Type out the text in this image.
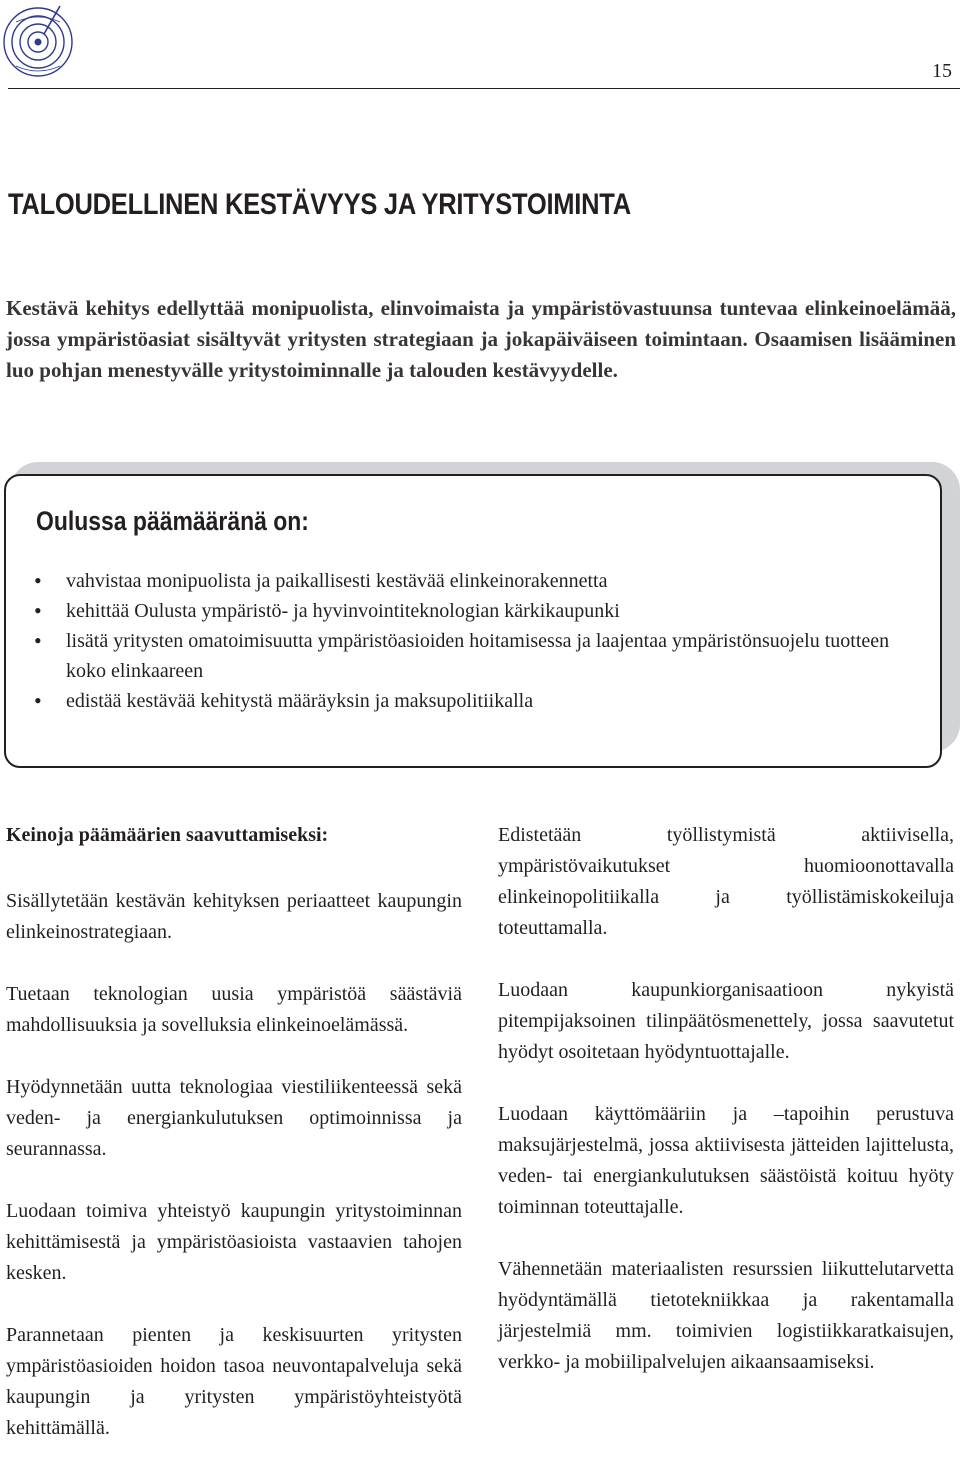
15
TALOUDELLINEN KESTÄVYYS JA YRITYSTOIMINTA

Kestävä kehitys edellyttää monipuolista, elinvoimaista ja ympäristövastuunsa tuntevaa elinkeinoelämää, jossa ympäristöasiat sisältyvät yritysten strategiaan ja jokapäiväiseen toimintaan. Osaamisen lisääminen luo pohjan menestyvälle yritystoiminnalle ja talouden kestävyydelle.

Oulussa päämääränä on:
•	vahvistaa monipuolista ja paikallisesti kestävää elinkeinorakennetta
•	kehittää Oulusta ympäristö- ja hyvinvointiteknologian kärkikaupunki
•	lisätä yritysten omatoimisuutta ympäristöasioiden hoitamisessa ja laajentaa ympäristönsuojelu tuotteen koko elinkaareen
•	edistää kestävää kehitystä määräyksin ja maksupolitiikalla

Keinoja päämäärien saavuttamiseksi:

Sisällytetään kestävän kehityksen periaatteet kaupungin elinkeinostrategiaan.

Tuetaan teknologian uusia ympäristöä säästäviä mahdollisuuksia ja sovelluksia elinkeinoelämässä.

Hyödynnetään uutta teknologiaa viestiliikenteessä sekä veden- ja energiankulutuksen optimoinnissa ja seurannassa.

Luodaan toimiva yhteistyö kaupungin yritystoiminnan kehittämisestä ja ympäristöasioista vastaavien tahojen kesken.

Parannetaan pienten ja keskisuurten yritysten ympäristöasioiden hoidon tasoa neuvontapalveluja sekä kaupungin ja yritysten ympäristöyhteistyötä kehittämällä.

Edistetään työllistymistä aktiivisella, ympäristövaikutukset huomioonottavalla elinkeinopolitiikalla ja työllistämiskokeiluja toteuttamalla.

Luodaan kaupunkiorganisaatioon nykyistä pitempijaksoinen tilinpäätösmenettely, jossa saavutetut hyödyt osoitetaan hyödyntuottajalle.

Luodaan käyttömääriin ja –tapoihin perustuva maksujärjestelmä, jossa aktiivisesta jätteiden lajittelusta, veden- tai energiankulutuksen säästöistä koituu hyöty toiminnan toteuttajalle.

Vähennetään materiaalisten resurssien liikuttelutarvetta hyödyntämällä tietotekniikkaa ja rakentamalla järjestelmiä mm. toimivien logistiikkaratkaisujen, verkko- ja mobiilipalvelujen aikaansaamiseksi.
